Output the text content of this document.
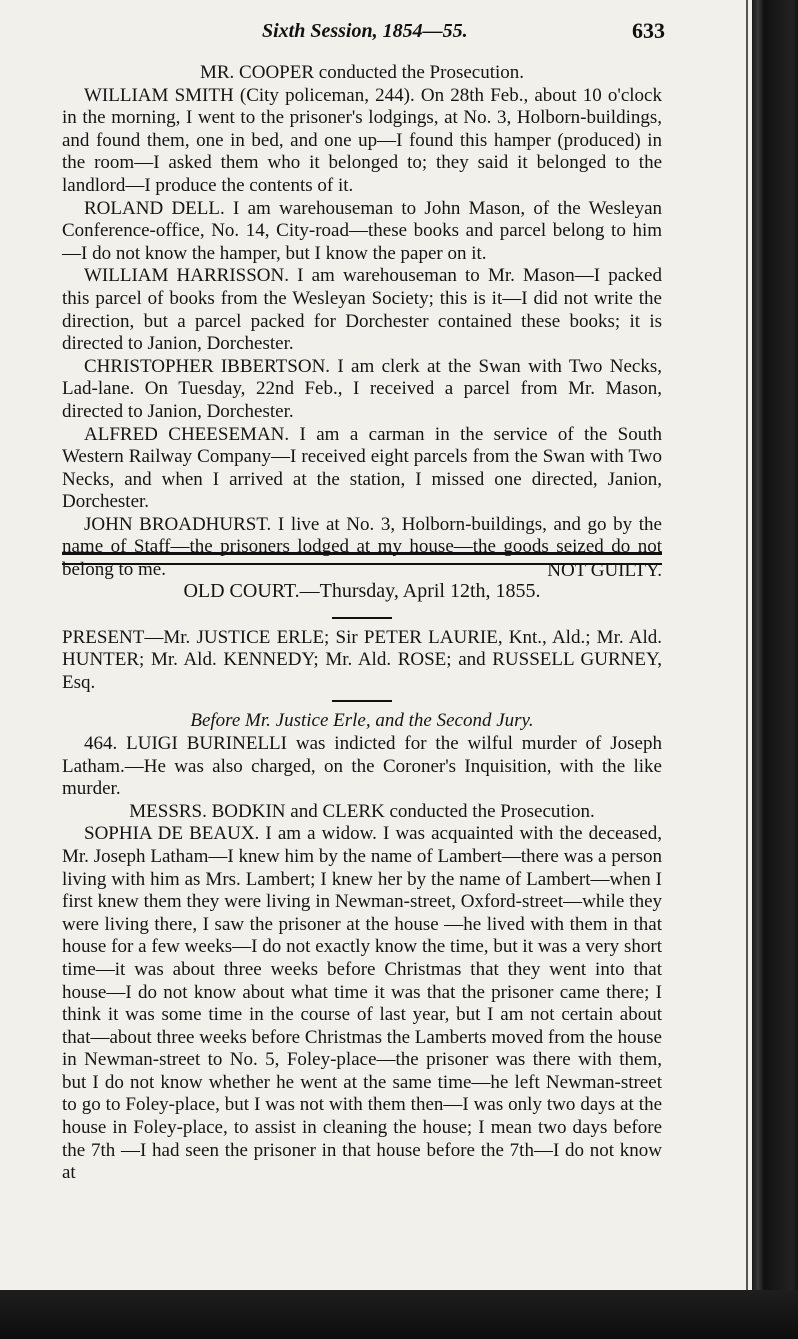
Sixth Session, 1854—55.	633

MR. COOPER conducted the Prosecution.

WILLIAM SMITH (City policeman, 244). On 28th Feb., about 10 o'clock in the morning, I went to the prisoner's lodgings, at No. 3, Holborn-buildings, and found them, one in bed, and one up—I found this hamper (produced) in the room—I asked them who it belonged to; they said it belonged to the landlord—I produce the contents of it.

ROLAND DELL. I am warehouseman to John Mason, of the Wesleyan Conference-office, No. 14, City-road—these books and parcel belong to him —I do not know the hamper, but I know the paper on it.

WILLIAM HARRISSON. I am warehouseman to Mr. Mason—I packed this parcel of books from the Wesleyan Society; this is it—I did not write the direction, but a parcel packed for Dorchester contained these books; it is directed to Janion, Dorchester.

CHRISTOPHER IBBERTSON. I am clerk at the Swan with Two Necks, Lad-lane. On Tuesday, 22nd Feb., I received a parcel from Mr. Mason, directed to Janion, Dorchester.

ALFRED CHEESEMAN. I am a carman in the service of the South Western Railway Company—I received eight parcels from the Swan with Two Necks, and when I arrived at the station, I missed one directed, Janion, Dorchester.

JOHN BROADHURST. I live at No. 3, Holborn-buildings, and go by the name of Staff—the prisoners lodged at my house—the goods seized do not belong to me.	NOT GUILTY.

OLD COURT.—Thursday, April 12th, 1855.

PRESENT—Mr. JUSTICE ERLE; Sir PETER LAURIE, Knt., Ald.; Mr. Ald. HUNTER; Mr. Ald. KENNEDY; Mr. Ald. ROSE; and RUSSELL GURNEY, Esq.

Before Mr. Justice Erle, and the Second Jury.

464. LUIGI BURINELLI was indicted for the wilful murder of Joseph Latham.—He was also charged, on the Coroner's Inquisition, with the like murder.

MESSRS. BODKIN and CLERK conducted the Prosecution.

SOPHIA DE BEAUX. I am a widow. I was acquainted with the deceased, Mr. Joseph Latham—I knew him by the name of Lambert—there was a person living with him as Mrs. Lambert; I knew her by the name of Lambert—when I first knew them they were living in Newman-street, Oxford-street—while they were living there, I saw the prisoner at the house —he lived with them in that house for a few weeks—I do not exactly know the time, but it was a very short time—it was about three weeks before Christmas that they went into that house—I do not know about what time it was that the prisoner came there; I think it was some time in the course of last year, but I am not certain about that—about three weeks before Christmas the Lamberts moved from the house in Newman-street to No. 5, Foley-place—the prisoner was there with them, but I do not know whether he went at the same time—he left Newman-street to go to Foley-place, but I was not with them then—I was only two days at the house in Foley-place, to assist in cleaning the house; I mean two days before the 7th —I had seen the prisoner in that house before the 7th—I do not know at
